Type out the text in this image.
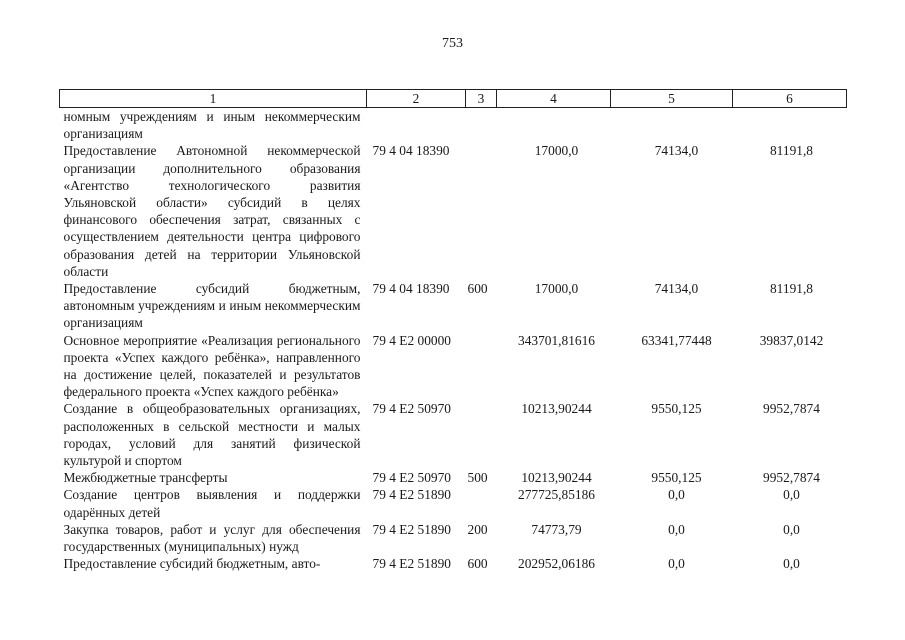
753
1	2	3	4	5	6
номным учреждениям и иным некоммерческим организациям					
Предоставление Автономной некоммерческой организации дополнительного образования «Агентство технологического развития Ульяновской области» субсидий в целях финансового обеспечения затрат, связанных с осуществлением деятельности центра цифрового образования детей на территории Ульяновской области	79 4 04 18390		17000,0	74134,0	81191,8
Предоставление субсидий бюджетным, автономным учреждениям и иным некоммерческим организациям	79 4 04 18390	600	17000,0	74134,0	81191,8
Основное мероприятие «Реализация регионального проекта «Успех каждого ребёнка», направленного на достижение целей, показателей и результатов федерального проекта «Успех каждого ребёнка»	79 4 E2 00000		343701,81616	63341,77448	39837,0142
Создание в общеобразовательных организациях, расположенных в сельской местности и малых городах, условий для занятий физической культурой и спортом	79 4 E2 50970		10213,90244	9550,125	9952,7874
Межбюджетные трансферты	79 4 E2 50970	500	10213,90244	9550,125	9952,7874
Создание центров выявления и поддержки одарённых детей	79 4 E2 51890		277725,85186	0,0	0,0
Закупка товаров, работ и услуг для обеспечения государственных (муниципальных) нужд	79 4 E2 51890	200	74773,79	0,0	0,0
Предоставление субсидий бюджетным, авто-	79 4 E2 51890	600	202952,06186	0,0	0,0
